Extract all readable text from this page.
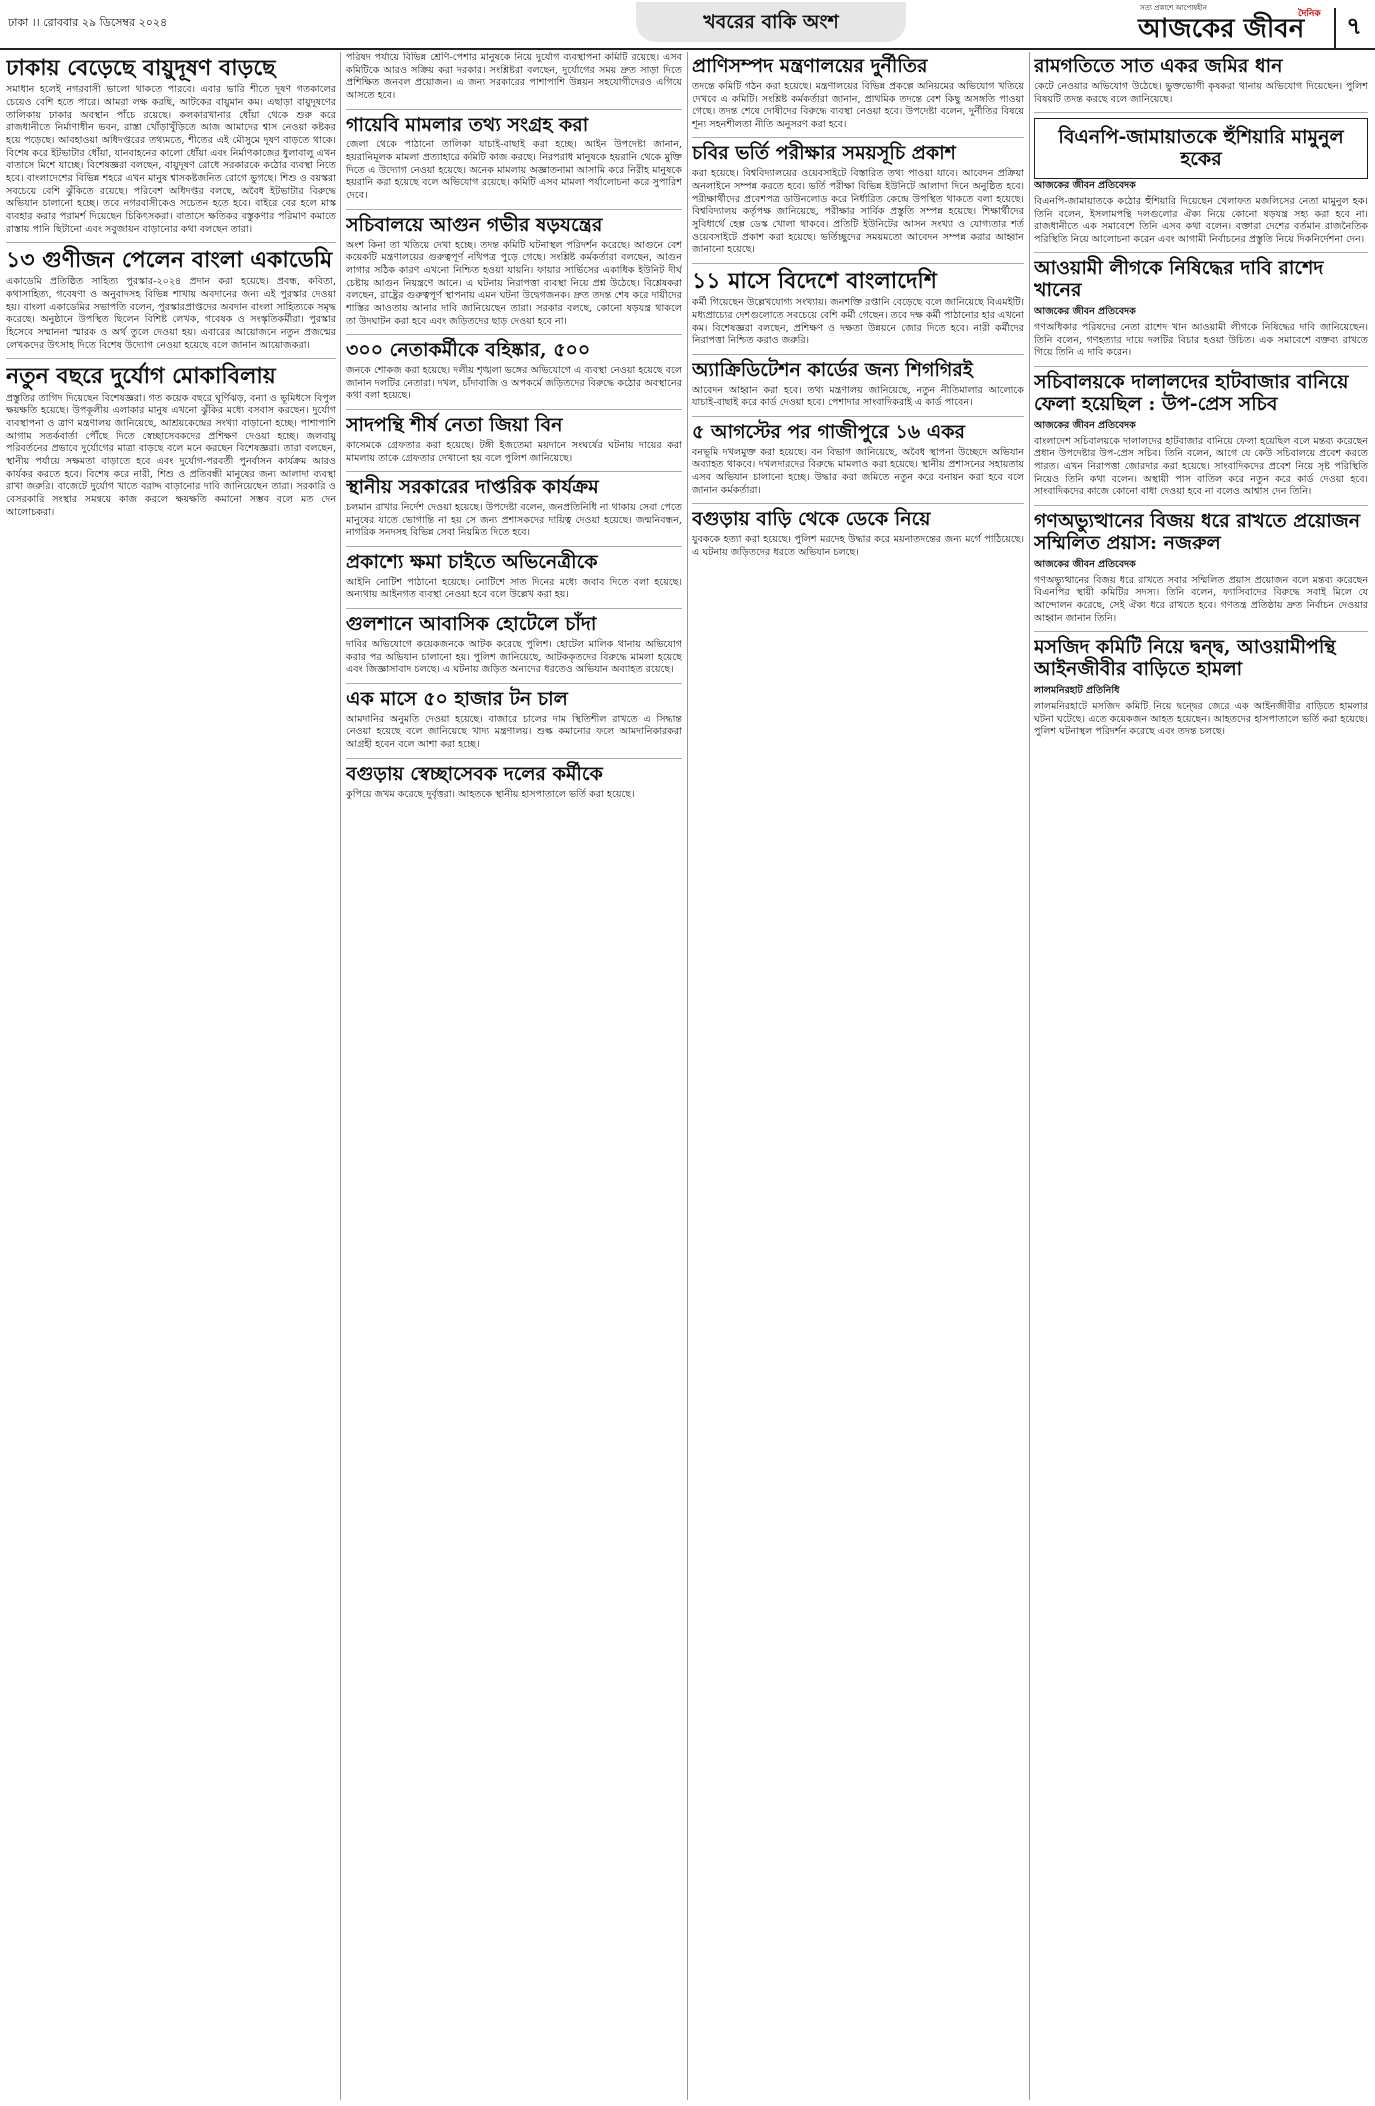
ঢাকা ।। রোববার ২৯ ডিসেম্বর ২০২৪	খবরের বাকি অংশ
সত্য প্রকাশে আপোষহীন
আজকের জীবন
দৈনিক	৭
ঢাকায় বেড়েছে বায়ুদূষণ বাড়ছে

সমাধান হলেই নগরবাসী ভালো থাকতে পারবে। এবার ভারি শীতে দূষণ গতকালের চেয়েও বেশি হতে পারে। আমরা লক্ষ করছি, আটকের বায়ুমান কম। এছাড়া বায়ুদূষণের তালিকায় ঢাকার অবস্থান পাঁচে রয়েছে। কলকারখানার ধোঁয়া থেকে শুরু করে রাজধানীতে নির্মাণাধীন ভবন, রাস্তা খোঁড়াখুঁড়িতে আজ আমাদের শ্বাস নেওয়া কষ্টকর হয়ে পড়েছে। আবহাওয়া অধিদপ্তরের তথ্যমতে, শীতের এই মৌসুমে দূষণ বাড়তে থাকে। বিশেষ করে ইটভাটার ধোঁয়া, যানবাহনের কালো ধোঁয়া এবং নির্মাণকাজের ধুলাবালু এখন বাতাসে মিশে যাচ্ছে। বিশেষজ্ঞরা বলছেন, বায়ুদূষণ রোধে সরকারকে কঠোর ব্যবস্থা নিতে হবে। বাংলাদেশের বিভিন্ন শহরে এখন মানুষ শ্বাসকষ্টজনিত রোগে ভুগছে। শিশু ও বয়স্করা সবচেয়ে বেশি ঝুঁকিতে রয়েছে। পরিবেশ অধিদপ্তর বলছে, অবৈধ ইটভাটার বিরুদ্ধে অভিযান চালানো হচ্ছে। তবে নগরবাসীকেও সচেতন হতে হবে। বাইরে বের হলে মাস্ক ব্যবহার করার পরামর্শ দিয়েছেন চিকিৎসকরা। বাতাসে ক্ষতিকর বস্তুকণার পরিমাণ কমাতে রাস্তায় পানি ছিটানো এবং সবুজায়ন বাড়ানোর কথা বলছেন তারা।

১৩ গুণীজন পেলেন বাংলা একাডেমি

একাডেমি প্রতিষ্ঠিত সাহিত্য পুরস্কার-২০২৪ প্রদান করা হয়েছে। প্রবন্ধ, কবিতা, কথাসাহিত্য, গবেষণা ও অনুবাদসহ বিভিন্ন শাখায় অবদানের জন্য এই পুরস্কার দেওয়া হয়। বাংলা একাডেমির সভাপতি বলেন, পুরস্কারপ্রাপ্তদের অবদান বাংলা সাহিত্যকে সমৃদ্ধ করেছে। অনুষ্ঠানে উপস্থিত ছিলেন বিশিষ্ট লেখক, গবেষক ও সংস্কৃতিকর্মীরা। পুরস্কার হিসেবে সম্মাননা স্মারক ও অর্থ তুলে দেওয়া হয়। এবারের আয়োজনে নতুন প্রজন্মের লেখকদের উৎসাহ দিতে বিশেষ উদ্যোগ নেওয়া হয়েছে বলে জানান আয়োজকরা।

নতুন বছরে দুর্যোগ মোকাবিলায়

প্রস্তুতির তাগিদ দিয়েছেন বিশেষজ্ঞরা। গত কয়েক বছরে ঘূর্ণিঝড়, বন্যা ও ভূমিধসে বিপুল ক্ষয়ক্ষতি হয়েছে। উপকূলীয় এলাকার মানুষ এখনো ঝুঁকির মধ্যে বসবাস করছেন। দুর্যোগ ব্যবস্থাপনা ও ত্রাণ মন্ত্রণালয় জানিয়েছে, আশ্রয়কেন্দ্রের সংখ্যা বাড়ানো হচ্ছে। পাশাপাশি আগাম সতর্কবার্তা পৌঁছে দিতে স্বেচ্ছাসেবকদের প্রশিক্ষণ দেওয়া হচ্ছে। জলবায়ু পরিবর্তনের প্রভাবে দুর্যোগের মাত্রা বাড়ছে বলে মনে করছেন বিশেষজ্ঞরা। তারা বলছেন, স্থানীয় পর্যায়ে সক্ষমতা বাড়াতে হবে এবং দুর্যোগ-পরবর্তী পুনর্বাসন কার্যক্রম আরও কার্যকর করতে হবে। বিশেষ করে নারী, শিশু ও প্রতিবন্ধী মানুষের জন্য আলাদা ব্যবস্থা রাখা জরুরি। বাজেটে দুর্যোগ খাতে বরাদ্দ বাড়ানোর দাবি জানিয়েছেন তারা। সরকারি ও বেসরকারি সংস্থার সমন্বয়ে কাজ করলে ক্ষয়ক্ষতি কমানো সম্ভব বলে মত দেন আলোচকরা।

পরিষদ পর্যায়ে বিভিন্ন শ্রেণি-পেশার মানুষকে নিয়ে দুর্যোগ ব্যবস্থাপনা কমিটি রয়েছে। এসব কমিটিকে আরও সক্রিয় করা দরকার। সংশ্লিষ্টরা বলছেন, দুর্যোগের সময় দ্রুত সাড়া দিতে প্রশিক্ষিত জনবল প্রয়োজন। এ জন্য সরকারের পাশাপাশি উন্নয়ন সহযোগীদেরও এগিয়ে আসতে হবে।

গায়েবি মামলার তথ্য সংগ্রহ করা

জেলা থেকে পাঠানো তালিকা যাচাই-বাছাই করা হচ্ছে। আইন উপদেষ্টা জানান, হয়রানিমূলক মামলা প্রত্যাহারে কমিটি কাজ করছে। নিরপরাধ মানুষকে হয়রানি থেকে মুক্তি দিতে এ উদ্যোগ নেওয়া হয়েছে। অনেক মামলায় অজ্ঞাতনামা আসামি করে নিরীহ মানুষকে হয়রানি করা হয়েছে বলে অভিযোগ রয়েছে। কমিটি এসব মামলা পর্যালোচনা করে সুপারিশ দেবে।

সচিবালয়ে আগুন গভীর ষড়যন্ত্রের

অংশ কিনা তা খতিয়ে দেখা হচ্ছে। তদন্ত কমিটি ঘটনাস্থল পরিদর্শন করেছে। আগুনে বেশ কয়েকটি মন্ত্রণালয়ের গুরুত্বপূর্ণ নথিপত্র পুড়ে গেছে। সংশ্লিষ্ট কর্মকর্তারা বলছেন, আগুন লাগার সঠিক কারণ এখনো নিশ্চিত হওয়া যায়নি। ফায়ার সার্ভিসের একাধিক ইউনিট দীর্ঘ চেষ্টায় আগুন নিয়ন্ত্রণে আনে। এ ঘটনায় নিরাপত্তা ব্যবস্থা নিয়ে প্রশ্ন উঠেছে। বিশ্লেষকরা বলছেন, রাষ্ট্রের গুরুত্বপূর্ণ স্থাপনায় এমন ঘটনা উদ্বেগজনক। দ্রুত তদন্ত শেষ করে দায়ীদের শাস্তির আওতায় আনার দাবি জানিয়েছেন তারা। সরকার বলছে, কোনো ষড়যন্ত্র থাকলে তা উদঘাটন করা হবে এবং জড়িতদের ছাড় দেওয়া হবে না।

৩০০ নেতাকর্মীকে বহিষ্কার, ৫০০

জনকে শোকজ করা হয়েছে। দলীয় শৃঙ্খলা ভঙ্গের অভিযোগে এ ব্যবস্থা নেওয়া হয়েছে বলে জানান দলটির নেতারা। দখল, চাঁদাবাজি ও অপকর্মে জড়িতদের বিরুদ্ধে কঠোর অবস্থানের কথা বলা হয়েছে।

সাদপন্থি শীর্ষ নেতা জিয়া বিন

কাসেমকে গ্রেফতার করা হয়েছে। টঙ্গী ইজতেমা ময়দানে সংঘর্ষের ঘটনায় দায়ের করা মামলায় তাকে গ্রেফতার দেখানো হয় বলে পুলিশ জানিয়েছে।

স্থানীয় সরকারের দাপ্তরিক কার্যক্রম

চলমান রাখার নির্দেশ দেওয়া হয়েছে। উপদেষ্টা বলেন, জনপ্রতিনিধি না থাকায় সেবা পেতে মানুষের যাতে ভোগান্তি না হয় সে জন্য প্রশাসকদের দায়িত্ব দেওয়া হয়েছে। জন্মনিবন্ধন, নাগরিক সনদসহ বিভিন্ন সেবা নিয়মিত দিতে হবে।

প্রকাশ্যে ক্ষমা চাইতে অভিনেত্রীকে

আইনি নোটিশ পাঠানো হয়েছে। নোটিশে সাত দিনের মধ্যে জবাব দিতে বলা হয়েছে। অন্যথায় আইনগত ব্যবস্থা নেওয়া হবে বলে উল্লেখ করা হয়।

গুলশানে আবাসিক হোটেলে চাঁদা

দাবির অভিযোগে কয়েকজনকে আটক করেছে পুলিশ। হোটেল মালিক থানায় অভিযোগ করার পর অভিযান চালানো হয়। পুলিশ জানিয়েছে, আটককৃতদের বিরুদ্ধে মামলা হয়েছে এবং জিজ্ঞাসাবাদ চলছে। এ ঘটনায় জড়িত অন্যদের ধরতেও অভিযান অব্যাহত রয়েছে।

এক মাসে ৫০ হাজার টন চাল

আমদানির অনুমতি দেওয়া হয়েছে। বাজারে চালের দাম স্থিতিশীল রাখতে এ সিদ্ধান্ত নেওয়া হয়েছে বলে জানিয়েছে খাদ্য মন্ত্রণালয়। শুল্ক কমানোর ফলে আমদানিকারকরা আগ্রহী হবেন বলে আশা করা হচ্ছে।

বগুড়ায় স্বেচ্ছাসেবক দলের কর্মীকে

কুপিয়ে জখম করেছে দুর্বৃত্তরা। আহতকে স্থানীয় হাসপাতালে ভর্তি করা হয়েছে।

প্রাণিসম্পদ মন্ত্রণালয়ের দুর্নীতির

তদন্তে কমিটি গঠন করা হয়েছে। মন্ত্রণালয়ের বিভিন্ন প্রকল্পে অনিয়মের অভিযোগ খতিয়ে দেখবে এ কমিটি। সংশ্লিষ্ট কর্মকর্তারা জানান, প্রাথমিক তদন্তে বেশ কিছু অসঙ্গতি পাওয়া গেছে। তদন্ত শেষে দোষীদের বিরুদ্ধে ব্যবস্থা নেওয়া হবে। উপদেষ্টা বলেন, দুর্নীতির বিষয়ে শূন্য সহনশীলতা নীতি অনুসরণ করা হবে।

চবির ভর্তি পরীক্ষার সময়সূচি প্রকাশ

করা হয়েছে। বিশ্ববিদ্যালয়ের ওয়েবসাইটে বিস্তারিত তথ্য পাওয়া যাবে। আবেদন প্রক্রিয়া অনলাইনে সম্পন্ন করতে হবে। ভর্তি পরীক্ষা বিভিন্ন ইউনিটে আলাদা দিনে অনুষ্ঠিত হবে। পরীক্ষার্থীদের প্রবেশপত্র ডাউনলোড করে নির্ধারিত কেন্দ্রে উপস্থিত থাকতে বলা হয়েছে। বিশ্ববিদ্যালয় কর্তৃপক্ষ জানিয়েছে, পরীক্ষার সার্বিক প্রস্তুতি সম্পন্ন হয়েছে। শিক্ষার্থীদের সুবিধার্থে হেল্প ডেস্ক খোলা থাকবে। প্রতিটি ইউনিটের আসন সংখ্যা ও যোগ্যতার শর্ত ওয়েবসাইটে প্রকাশ করা হয়েছে। ভর্তিচ্ছুদের সময়মতো আবেদন সম্পন্ন করার আহ্বান জানানো হয়েছে।

১১ মাসে বিদেশে বাংলাদেশি

কর্মী গিয়েছেন উল্লেখযোগ্য সংখ্যায়। জনশক্তি রপ্তানি বেড়েছে বলে জানিয়েছে বিএমইটি। মধ্যপ্রাচ্যের দেশগুলোতে সবচেয়ে বেশি কর্মী গেছেন। তবে দক্ষ কর্মী পাঠানোর হার এখনো কম। বিশেষজ্ঞরা বলছেন, প্রশিক্ষণ ও দক্ষতা উন্নয়নে জোর দিতে হবে। নারী কর্মীদের নিরাপত্তা নিশ্চিত করাও জরুরি।

অ্যাক্রিডিটেশন কার্ডের জন্য শিগগিরই

আবেদন আহ্বান করা হবে। তথ্য মন্ত্রণালয় জানিয়েছে, নতুন নীতিমালার আলোকে যাচাই-বাছাই করে কার্ড দেওয়া হবে। পেশাদার সাংবাদিকরাই এ কার্ড পাবেন।

৫ আগস্টের পর গাজীপুরে ১৬ একর

বনভূমি দখলমুক্ত করা হয়েছে। বন বিভাগ জানিয়েছে, অবৈধ স্থাপনা উচ্ছেদে অভিযান অব্যাহত থাকবে। দখলদারদের বিরুদ্ধে মামলাও করা হয়েছে। স্থানীয় প্রশাসনের সহায়তায় এসব অভিযান চালানো হচ্ছে। উদ্ধার করা জমিতে নতুন করে বনায়ন করা হবে বলে জানান কর্মকর্তারা।

বগুড়ায় বাড়ি থেকে ডেকে নিয়ে

যুবককে হত্যা করা হয়েছে। পুলিশ মরদেহ উদ্ধার করে ময়নাতদন্তের জন্য মর্গে পাঠিয়েছে। এ ঘটনায় জড়িতদের ধরতে অভিযান চলছে।

রামগতিতে সাত একর জমির ধান

কেটে নেওয়ার অভিযোগ উঠেছে। ভুক্তভোগী কৃষকরা থানায় অভিযোগ দিয়েছেন। পুলিশ বিষয়টি তদন্ত করছে বলে জানিয়েছে।

বিএনপি-জামায়াতকে হুঁশিয়ারি মামুনুল হকের

আজকের জীবন প্রতিবেদক

বিএনপি-জামায়াতকে কঠোর হুঁশিয়ারি দিয়েছেন খেলাফত মজলিসের নেতা মামুনুল হক। তিনি বলেন, ইসলামপন্থি দলগুলোর ঐক্য নিয়ে কোনো ষড়যন্ত্র সহ্য করা হবে না। রাজধানীতে এক সমাবেশে তিনি এসব কথা বলেন। বক্তারা দেশের বর্তমান রাজনৈতিক পরিস্থিতি নিয়ে আলোচনা করেন এবং আগামী নির্বাচনের প্রস্তুতি নিয়ে দিকনির্দেশনা দেন।

আওয়ামী লীগকে নিষিদ্ধের দাবি রাশেদ খানের

আজকের জীবন প্রতিবেদক

গণঅধিকার পরিষদের নেতা রাশেদ খান আওয়ামী লীগকে নিষিদ্ধের দাবি জানিয়েছেন। তিনি বলেন, গণহত্যার দায়ে দলটির বিচার হওয়া উচিত। এক সমাবেশে বক্তব্য রাখতে গিয়ে তিনি এ দাবি করেন।

সচিবালয়কে দালালদের হাটবাজার বানিয়ে ফেলা হয়েছিল : উপ-প্রেস সচিব

আজকের জীবন প্রতিবেদক

বাংলাদেশ সচিবালয়কে দালালদের হাটবাজার বানিয়ে ফেলা হয়েছিল বলে মন্তব্য করেছেন প্রধান উপদেষ্টার উপ-প্রেস সচিব। তিনি বলেন, আগে যে কেউ সচিবালয়ে প্রবেশ করতে পারত। এখন নিরাপত্তা জোরদার করা হয়েছে। সাংবাদিকদের প্রবেশ নিয়ে সৃষ্ট পরিস্থিতি নিয়েও তিনি কথা বলেন। অস্থায়ী পাস বাতিল করে নতুন করে কার্ড দেওয়া হবে। সাংবাদিকদের কাজে কোনো বাধা দেওয়া হবে না বলেও আশ্বাস দেন তিনি।

গণঅভ্যুত্থানের বিজয় ধরে রাখতে প্রয়োজন সম্মিলিত প্রয়াস: নজরুল

আজকের জীবন প্রতিবেদক

গণঅভ্যুত্থানের বিজয় ধরে রাখতে সবার সম্মিলিত প্রয়াস প্রয়োজন বলে মন্তব্য করেছেন বিএনপির স্থায়ী কমিটির সদস্য। তিনি বলেন, ফ্যাসিবাদের বিরুদ্ধে সবাই মিলে যে আন্দোলন করেছে, সেই ঐক্য ধরে রাখতে হবে। গণতন্ত্র প্রতিষ্ঠায় দ্রুত নির্বাচন দেওয়ার আহ্বান জানান তিনি।

মসজিদ কমিটি নিয়ে দ্বন্দ্ব, আওয়ামীপন্থি আইনজীবীর বাড়িতে হামলা

লালমনিরহাট প্রতিনিধি

লালমনিরহাটে মসজিদ কমিটি নিয়ে দ্বন্দ্বের জেরে এক আইনজীবীর বাড়িতে হামলার ঘটনা ঘটেছে। এতে কয়েকজন আহত হয়েছেন। আহতদের হাসপাতালে ভর্তি করা হয়েছে। পুলিশ ঘটনাস্থল পরিদর্শন করেছে এবং তদন্ত চলছে।
